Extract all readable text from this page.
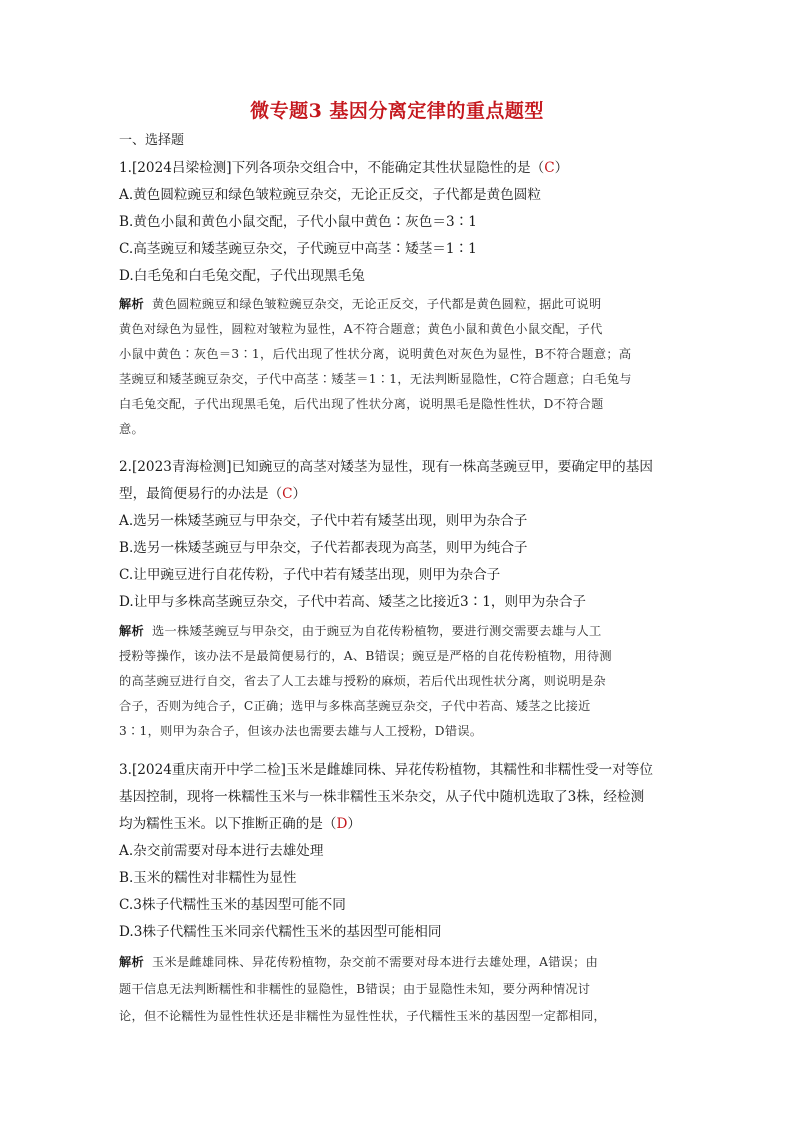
微专题3 基因分离定律的重点题型
一、选择题
1.[2024吕梁检测]下列各项杂交组合中，不能确定其性状显隐性的是（C）
A.黄色圆粒豌豆和绿色皱粒豌豆杂交，无论正反交，子代都是黄色圆粒
B.黄色小鼠和黄色小鼠交配，子代小鼠中黄色∶灰色＝3∶1
C.高茎豌豆和矮茎豌豆杂交，子代豌豆中高茎∶矮茎＝1∶1
D.白毛兔和白毛兔交配，子代出现黑毛兔
解析 黄色圆粒豌豆和绿色皱粒豌豆杂交，无论正反交，子代都是黄色圆粒，据此可说明
黄色对绿色为显性，圆粒对皱粒为显性，A不符合题意；黄色小鼠和黄色小鼠交配，子代
小鼠中黄色∶灰色＝3∶1，后代出现了性状分离，说明黄色对灰色为显性，B不符合题意；高
茎豌豆和矮茎豌豆杂交，子代中高茎∶矮茎＝1∶1，无法判断显隐性，C符合题意；白毛兔与
白毛兔交配，子代出现黑毛兔，后代出现了性状分离，说明黑毛是隐性性状，D不符合题
意。
2.[2023青海检测]已知豌豆的高茎对矮茎为显性，现有一株高茎豌豆甲，要确定甲的基因
型，最简便易行的办法是（C）
A.选另一株矮茎豌豆与甲杂交，子代中若有矮茎出现，则甲为杂合子
B.选另一株矮茎豌豆与甲杂交，子代若都表现为高茎，则甲为纯合子
C.让甲豌豆进行自花传粉，子代中若有矮茎出现，则甲为杂合子
D.让甲与多株高茎豌豆杂交，子代中若高、矮茎之比接近3∶1，则甲为杂合子
解析 选一株矮茎豌豆与甲杂交，由于豌豆为自花传粉植物，要进行测交需要去雄与人工
授粉等操作，该办法不是最简便易行的，A、B错误；豌豆是严格的自花传粉植物，用待测
的高茎豌豆进行自交，省去了人工去雄与授粉的麻烦，若后代出现性状分离，则说明是杂
合子，否则为纯合子，C正确；选甲与多株高茎豌豆杂交，子代中若高、矮茎之比接近
3∶1，则甲为杂合子，但该办法也需要去雄与人工授粉，D错误。
3.[2024重庆南开中学二检]玉米是雌雄同株、异花传粉植物，其糯性和非糯性受一对等位
基因控制，现将一株糯性玉米与一株非糯性玉米杂交，从子代中随机选取了3株，经检测
均为糯性玉米。以下推断正确的是（D）
A.杂交前需要对母本进行去雄处理
B.玉米的糯性对非糯性为显性
C.3株子代糯性玉米的基因型可能不同
D.3株子代糯性玉米同亲代糯性玉米的基因型可能相同
解析 玉米是雌雄同株、异花传粉植物，杂交前不需要对母本进行去雄处理，A错误；由
题干信息无法判断糯性和非糯性的显隐性，B错误；由于显隐性未知，要分两种情况讨
论，但不论糯性为显性性状还是非糯性为显性性状，子代糯性玉米的基因型一定都相同，
